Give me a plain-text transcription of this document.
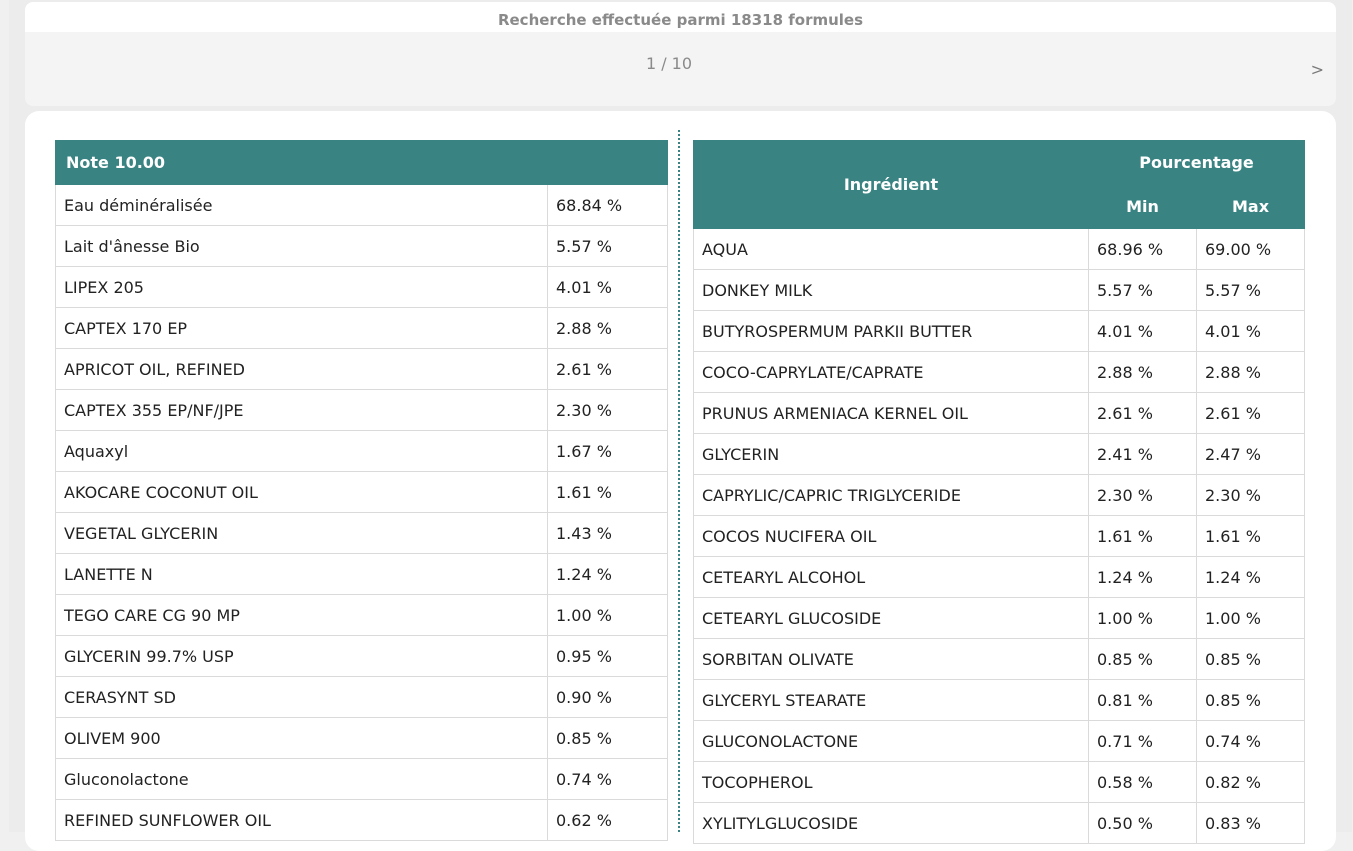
Recherche effectuée parmi 18318 formules
1 / 10	>
Note 10.00	
Eau déminéralisée	68.84 %
Lait d'ânesse Bio	5.57 %
LIPEX 205	4.01 %
CAPTEX 170 EP	2.88 %
APRICOT OIL, REFINED	2.61 %
CAPTEX 355 EP/NF/JPE	2.30 %
Aquaxyl	1.67 %
AKOCARE COCONUT OIL	1.61 %
VEGETAL GLYCERIN	1.43 %
LANETTE N	1.24 %
TEGO CARE CG 90 MP	1.00 %
GLYCERIN 99.7% USP	0.95 %
CERASYNT SD	0.90 %
OLIVEM 900	0.85 %
Gluconolactone	0.74 %
REFINED SUNFLOWER OIL	0.62 %
Ingrédient	Pourcentage	
	Min	Max
AQUA	68.96 %	69.00 %
DONKEY MILK	5.57 %	5.57 %
BUTYROSPERMUM PARKII BUTTER	4.01 %	4.01 %
COCO-CAPRYLATE/CAPRATE	2.88 %	2.88 %
PRUNUS ARMENIACA KERNEL OIL	2.61 %	2.61 %
GLYCERIN	2.41 %	2.47 %
CAPRYLIC/CAPRIC TRIGLYCERIDE	2.30 %	2.30 %
COCOS NUCIFERA OIL	1.61 %	1.61 %
CETEARYL ALCOHOL	1.24 %	1.24 %
CETEARYL GLUCOSIDE	1.00 %	1.00 %
SORBITAN OLIVATE	0.85 %	0.85 %
GLYCERYL STEARATE	0.81 %	0.85 %
GLUCONOLACTONE	0.71 %	0.74 %
TOCOPHEROL	0.58 %	0.82 %
XYLITYLGLUCOSIDE	0.50 %	0.83 %
